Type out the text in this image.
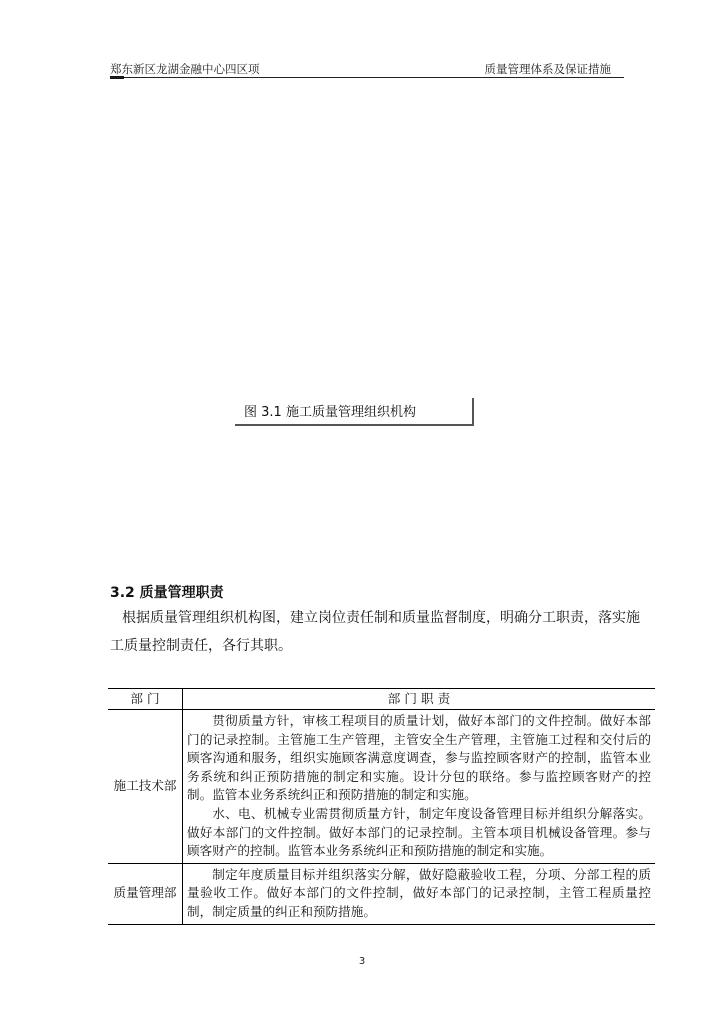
郑东新区龙湖金融中心四区项	质量管理体系及保证措施
图 3.1 施工质量管理组织机构
3.2 质量管理职责
根据质量管理组织机构图，建立岗位责任制和质量监督制度，明确分工职责，落实施工质量控制责任，各行其职。
部 门	部 门 职 责
施工技术部	贯彻质量方针，审核工程项目的质量计划，做好本部门的文件控制。做好本部门的记录控制。主管施工生产管理，主管安全生产管理，主管施工过程和交付后的顾客沟通和服务，组织实施顾客满意度调查，参与监控顾客财产的控制，监管本业务系统和纠正预防措施的制定和实施。设计分包的联络。参与监控顾客财产的控制。监管本业务系统纠正和预防措施的制定和实施。

水、电、机械专业需贯彻质量方针，制定年度设备管理目标并组织分解落实。做好本部门的文件控制。做好本部门的记录控制。主管本项目机械设备管理。参与顾客财产的控制。监管本业务系统纠正和预防措施的制定和实施。

质量管理部	制定年度质量目标并组织落实分解，做好隐蔽验收工程，分项、分部工程的质量验收工作。做好本部门的文件控制，做好本部门的记录控制，主管工程质量控制，制定质量的纠正和预防措施。

3
